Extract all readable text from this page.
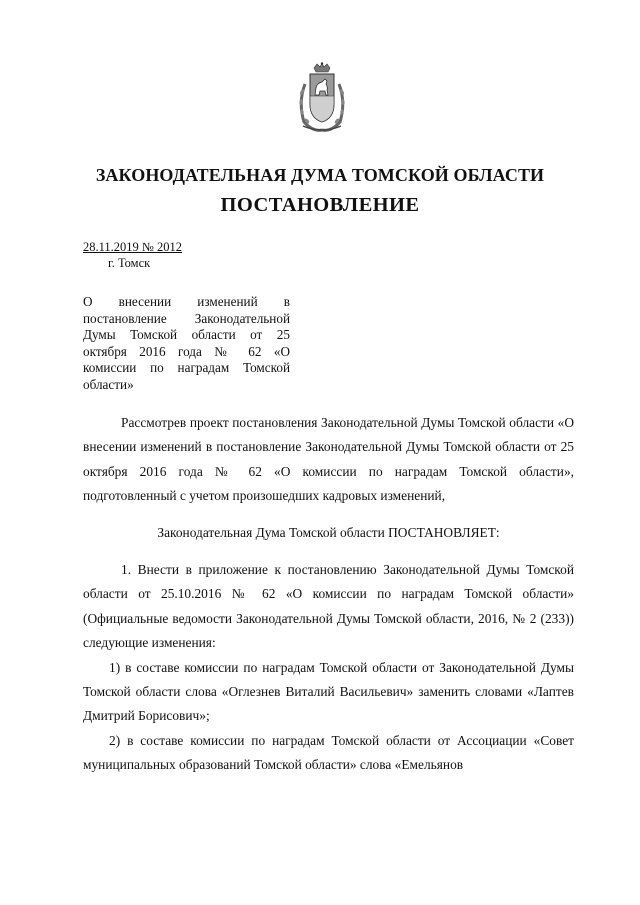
ЗАКОНОДАТЕЛЬНАЯ ДУМА ТОМСКОЙ ОБЛАСТИ
ПОСТАНОВЛЕНИЕ
28.11.2019 № 2012
г. Томск
О внесении изменений в постановление Законодательной Думы Томской области от 25 октября 2016 года № 62 «О комиссии по наградам Томской области»

Рассмотрев проект постановления Законодательной Думы Томской области «О внесении изменений в постановление Законодательной Думы Томской области от 25 октября 2016 года № 62 «О комиссии по наградам Томской области», подготовленный с учетом произошедших кадровых изменений,

Законодательная Дума Томской области ПОСТАНОВЛЯЕТ:

1. Внести в приложение к постановлению Законодательной Думы Томской области от 25.10.2016 № 62 «О комиссии по наградам Томской области» (Официальные ведомости Законодательной Думы Томской области, 2016, № 2 (233)) следующие изменения:

1) в составе комиссии по наградам Томской области от Законодательной Думы Томской области слова «Оглезнев Виталий Васильевич» заменить словами «Лаптев Дмитрий Борисович»;

2) в составе комиссии по наградам Томской области от Ассоциации «Совет муниципальных образований Томской области» слова «Емельянов
